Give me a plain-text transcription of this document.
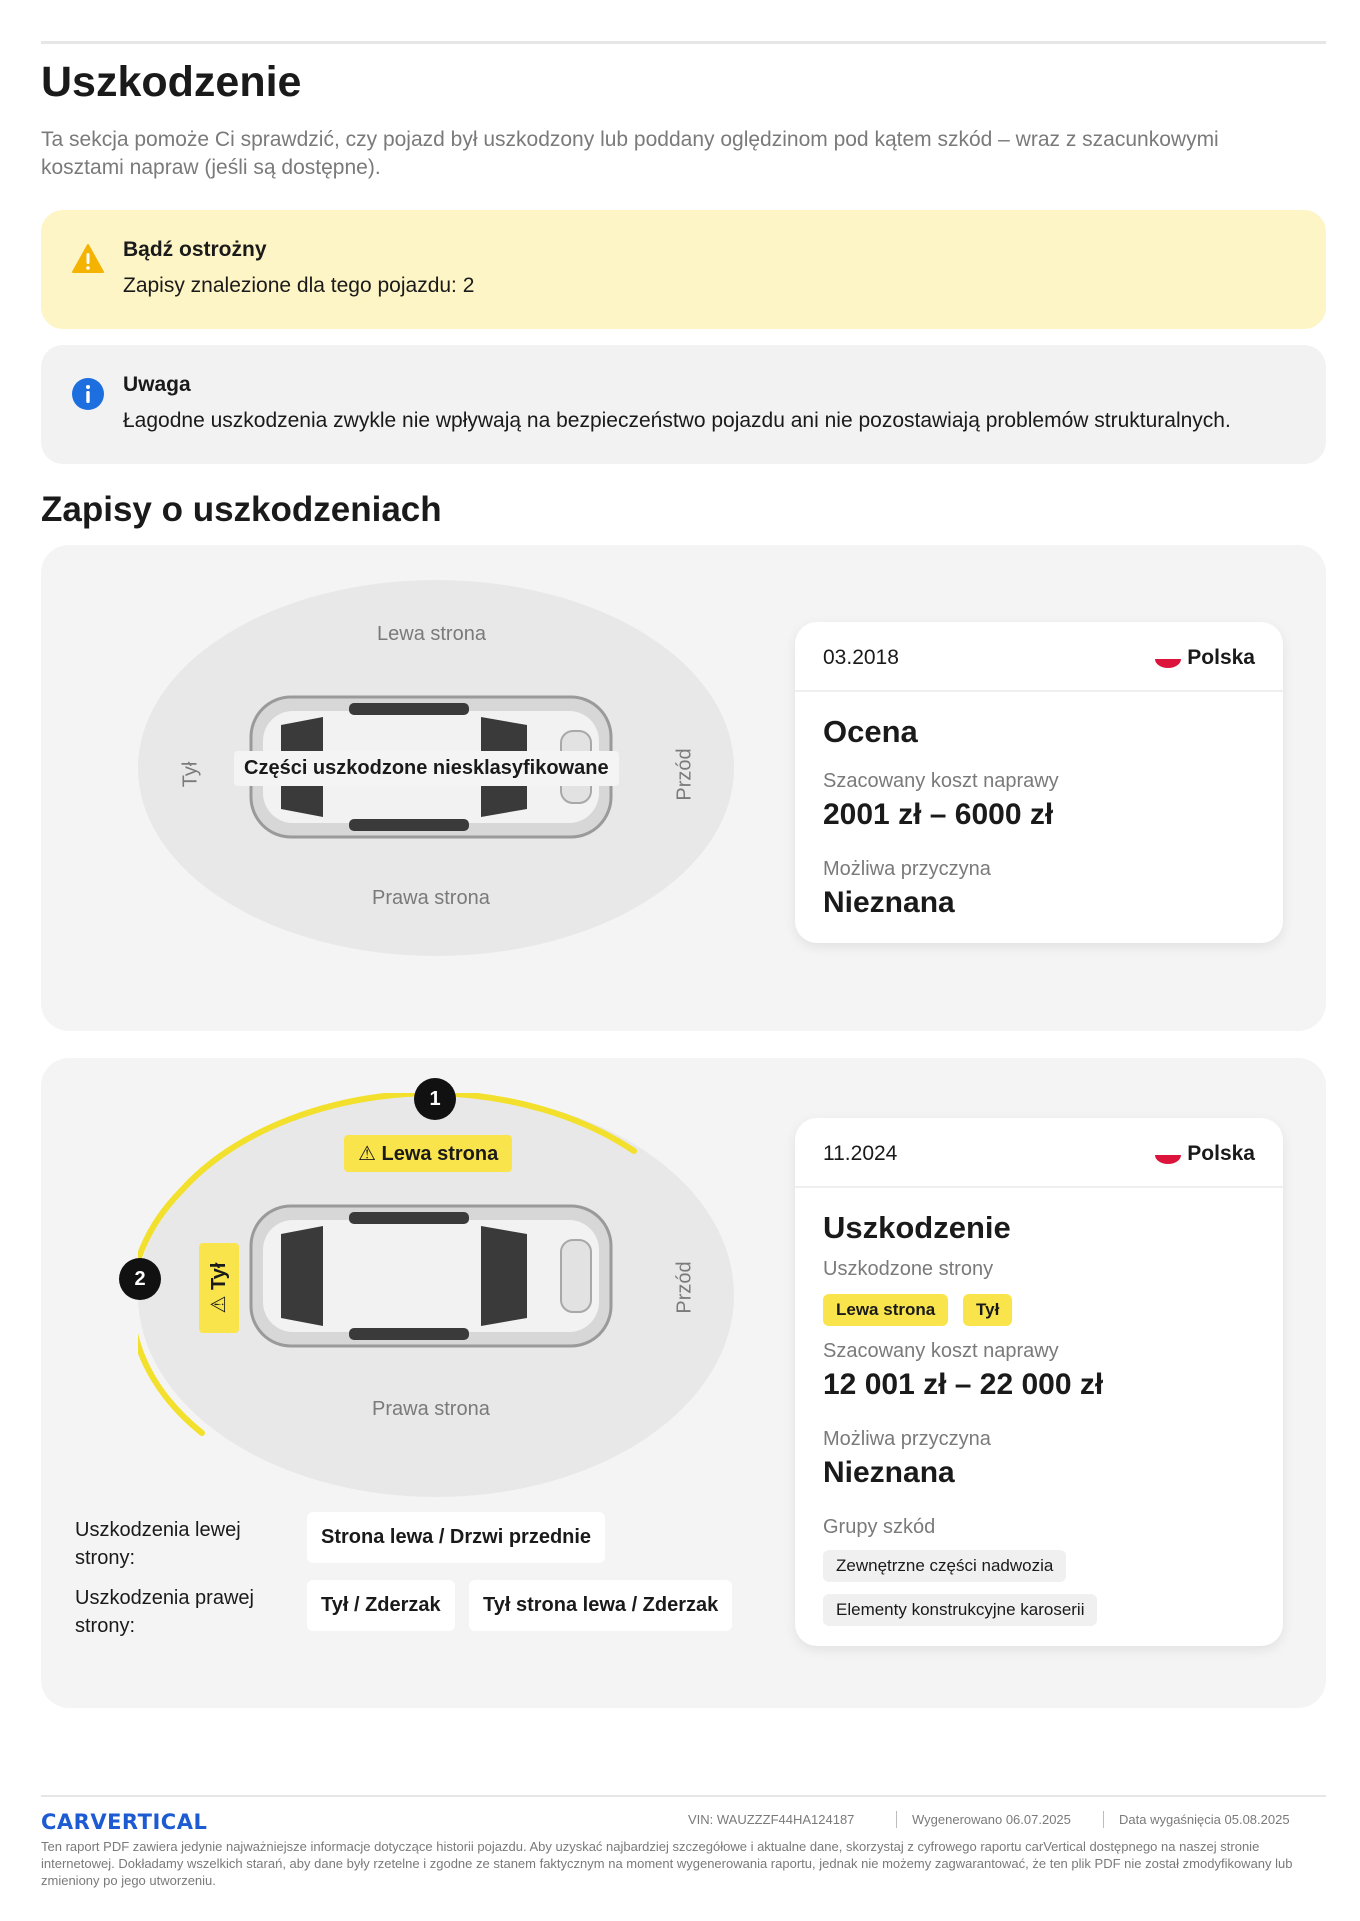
Uszkodzenie

Ta sekcja pomoże Ci sprawdzić, czy pojazd był uszkodzony lub poddany oględzinom pod kątem szkód – wraz z szacunkowymi kosztami napraw (jeśli są dostępne).

Bądź ostrożny
Zapisy znalezione dla tego pojazdu: 2
Uwaga
Łagodne uszkodzenia zwykle nie wpływają na bezpieczeństwo pojazdu ani nie pozostawiają problemów strukturalnych.
Zapisy o uszkodzeniach
Lewa strona
Prawa strona
Tył	Przód
Części uszkodzone niesklasyfikowane
03.2018	Polska
Ocena
Szacowany koszt naprawy
2001 zł – 6000 zł
Możliwa przyczyna
Nieznana
Prawa strona
Przód
1
2
⚠ Lewa strona
⚠ Tył
Uszkodzenia lewej strony:
Strona lewa / Drzwi przednie
Uszkodzenia prawej strony:
Tył / Zderzak	Tył strona lewa / Zderzak
11.2024	Polska
Uszkodzenie
Uszkodzone strony
Lewa strona	Tył
Szacowany koszt naprawy
12 001 zł – 22 000 zł
Możliwa przyczyna
Nieznana
Grupy szkód
Zewnętrzne części nadwozia
Elementy konstrukcyjne karoserii
CARVERTICAL	VIN: WAUZZZF44HA124187	Wygenerowano 06.07.2025	Data wygaśnięcia 05.08.2025
Ten raport PDF zawiera jedynie najważniejsze informacje dotyczące historii pojazdu. Aby uzyskać najbardziej szczegółowe i aktualne dane, skorzystaj z cyfrowego raportu carVertical dostępnego na naszej stronie internetowej. Dokładamy wszelkich starań, aby dane były rzetelne i zgodne ze stanem faktycznym na moment wygenerowania raportu, jednak nie możemy zagwarantować, że ten plik PDF nie został zmodyfikowany lub zmieniony po jego utworzeniu.
